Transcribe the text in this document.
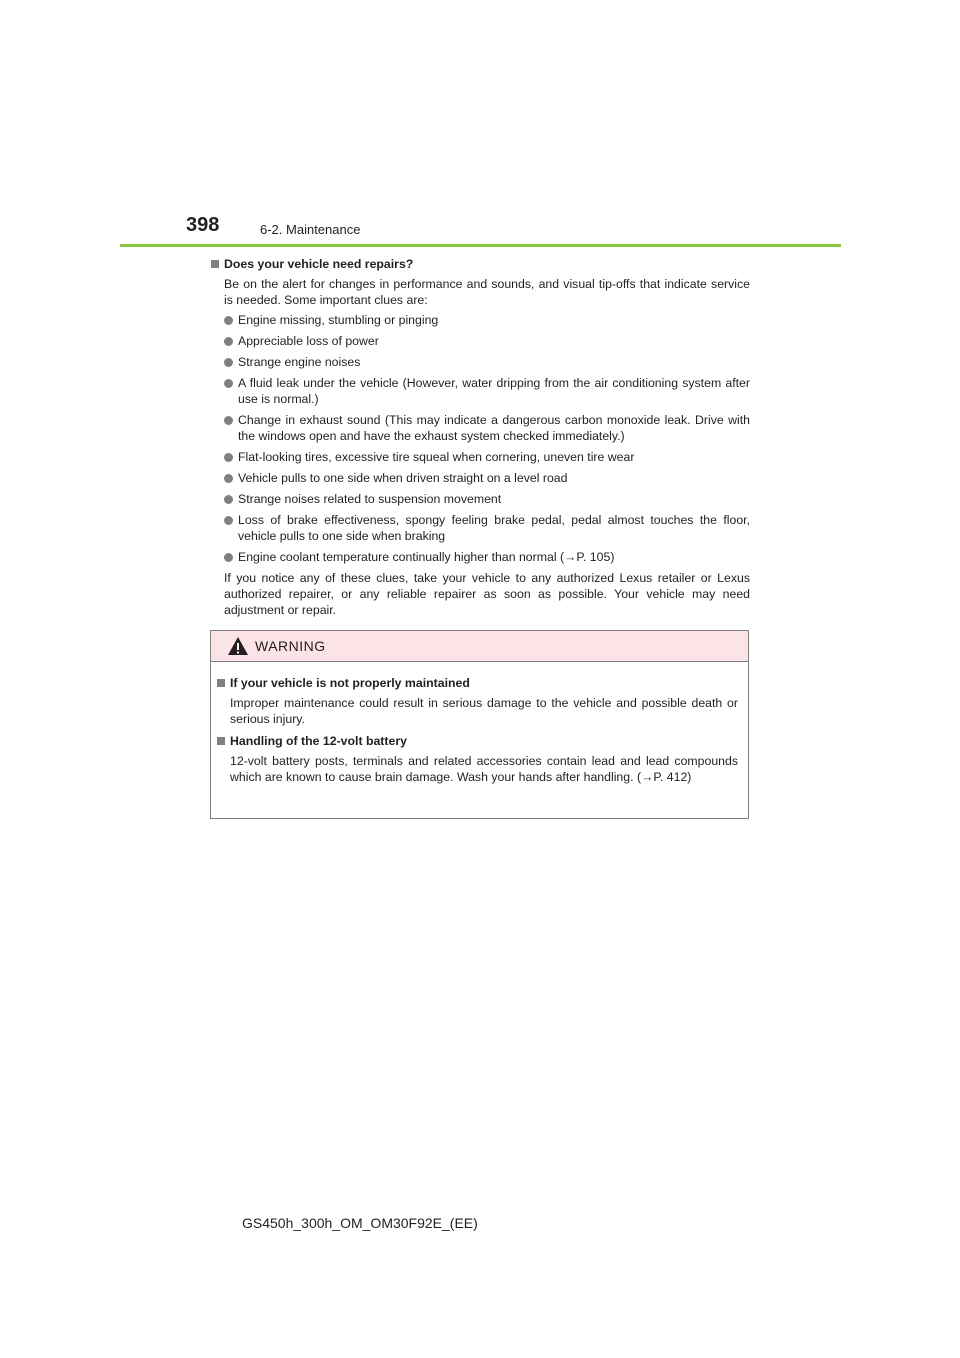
398	6-2. Maintenance
Does your vehicle need repairs?
Be on the alert for changes in performance and sounds, and visual tip-offs that indicate service is needed. Some important clues are:
Engine missing, stumbling or pinging
Appreciable loss of power
Strange engine noises
A fluid leak under the vehicle (However, water dripping from the air conditioning system after use is normal.)
Change in exhaust sound (This may indicate a dangerous carbon monoxide leak. Drive with the windows open and have the exhaust system checked immediately.)
Flat-looking tires, excessive tire squeal when cornering, uneven tire wear
Vehicle pulls to one side when driven straight on a level road
Strange noises related to suspension movement
Loss of brake effectiveness, spongy feeling brake pedal, pedal almost touches the floor, vehicle pulls to one side when braking
Engine coolant temperature continually higher than normal (→P. 105)
If you notice any of these clues, take your vehicle to any authorized Lexus retailer or Lexus authorized repairer, or any reliable repairer as soon as possible. Your vehicle may need adjustment or repair.
WARNING
If your vehicle is not properly maintained
Improper maintenance could result in serious damage to the vehicle and possible death or serious injury.
Handling of the 12-volt battery
12-volt battery posts, terminals and related accessories contain lead and lead compounds which are known to cause brain damage. Wash your hands after handling. (→P. 412)
GS450h_300h_OM_OM30F92E_(EE)
